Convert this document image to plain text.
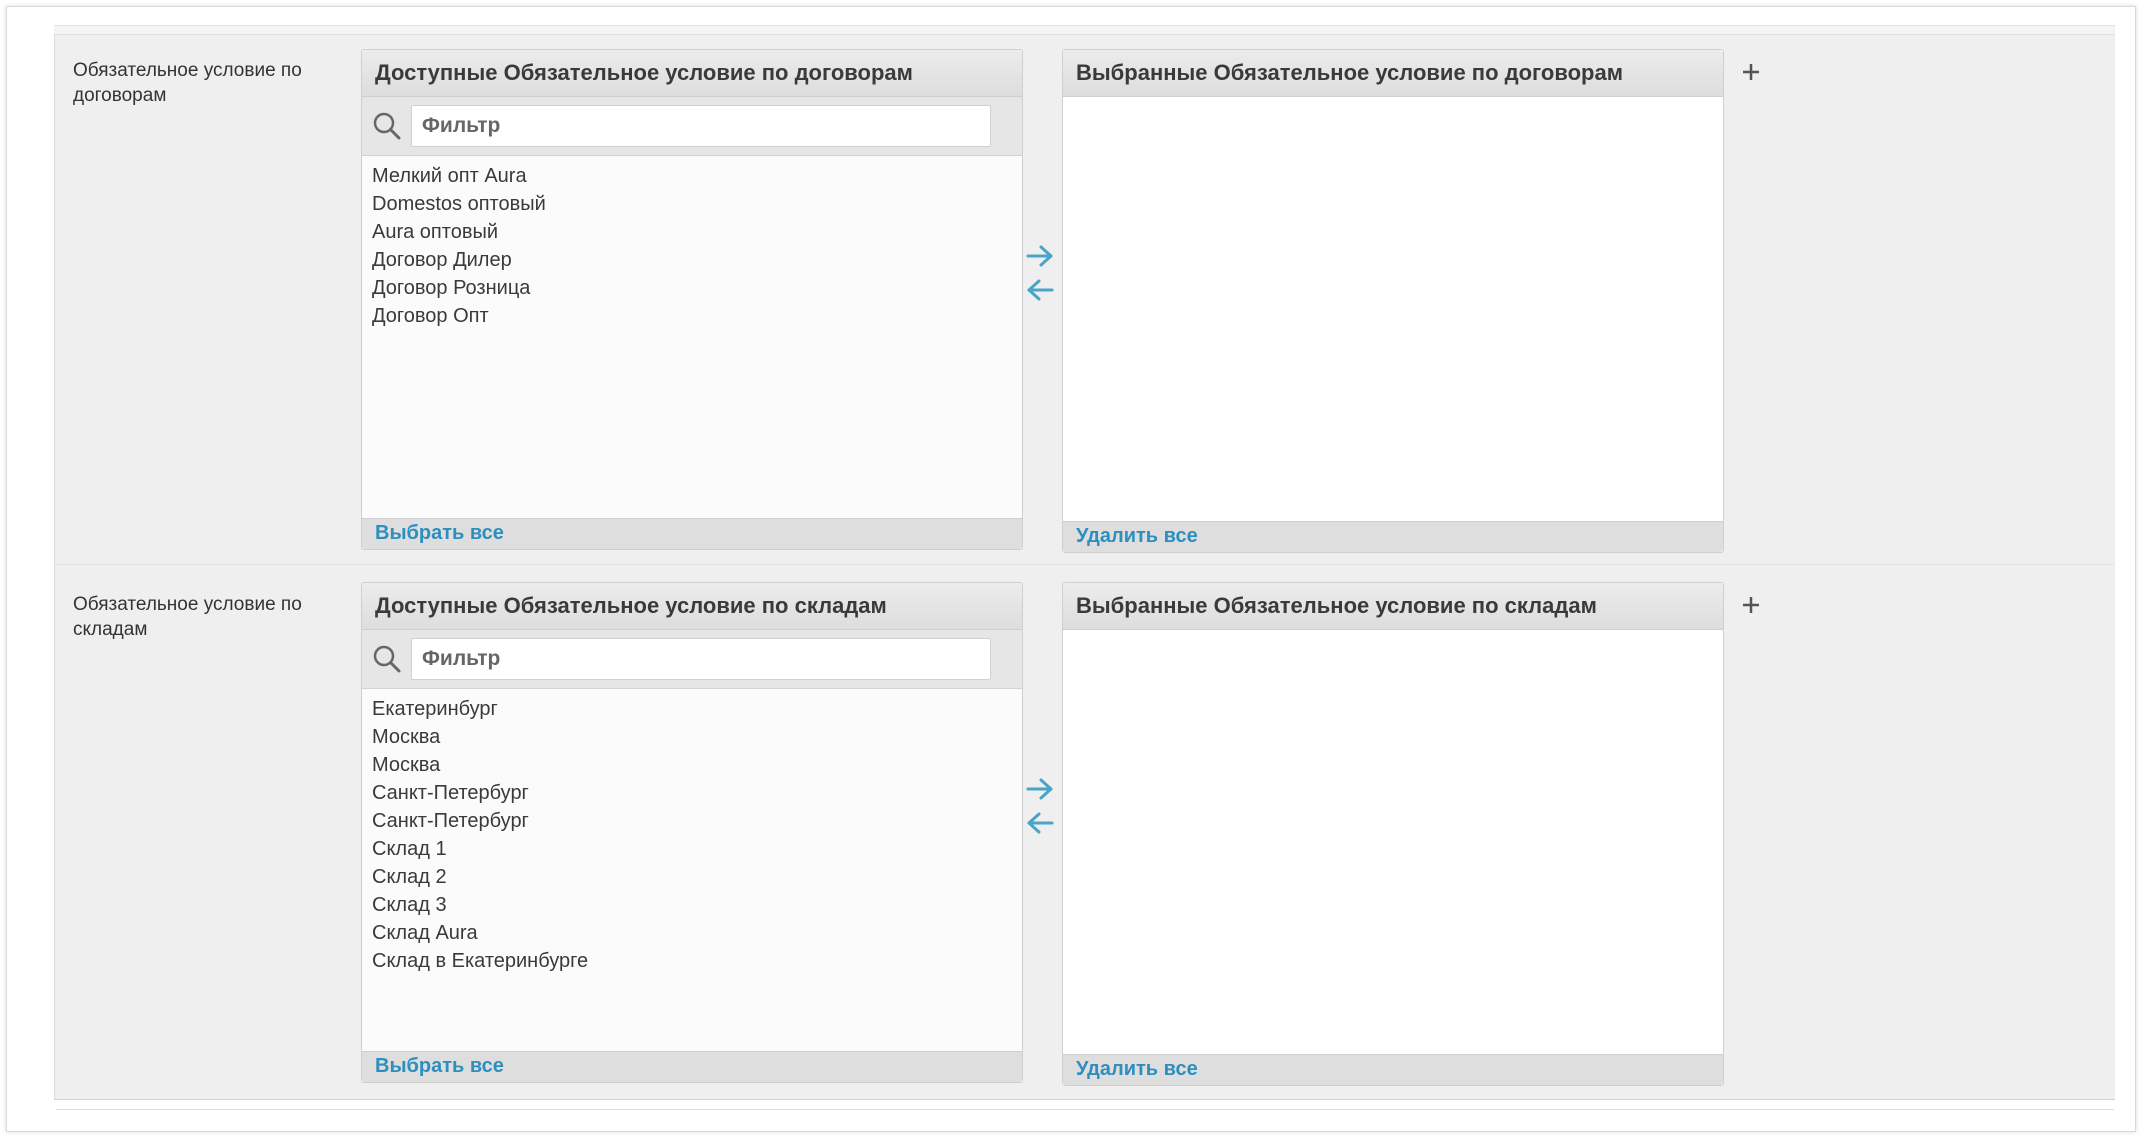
Обязательное условие по договорам
Доступные Обязательное условие по договорам
Фильтр
Мелкий опт Aura
Domestos оптовый
Aura оптовый
Договор Дилер
Договор Розница
Договор Опт
Выбрать все
Выбранные Обязательное условие по договорам
Удалить все
Обязательное условие по складам
Доступные Обязательное условие по складам
Фильтр
Екатеринбург
Москва
Москва
Санкт-Петербург
Санкт-Петербург
Склад 1
Склад 2
Склад 3
Склад Aura
Склад в Екатеринбурге
Выбрать все
Выбранные Обязательное условие по складам
Удалить все
